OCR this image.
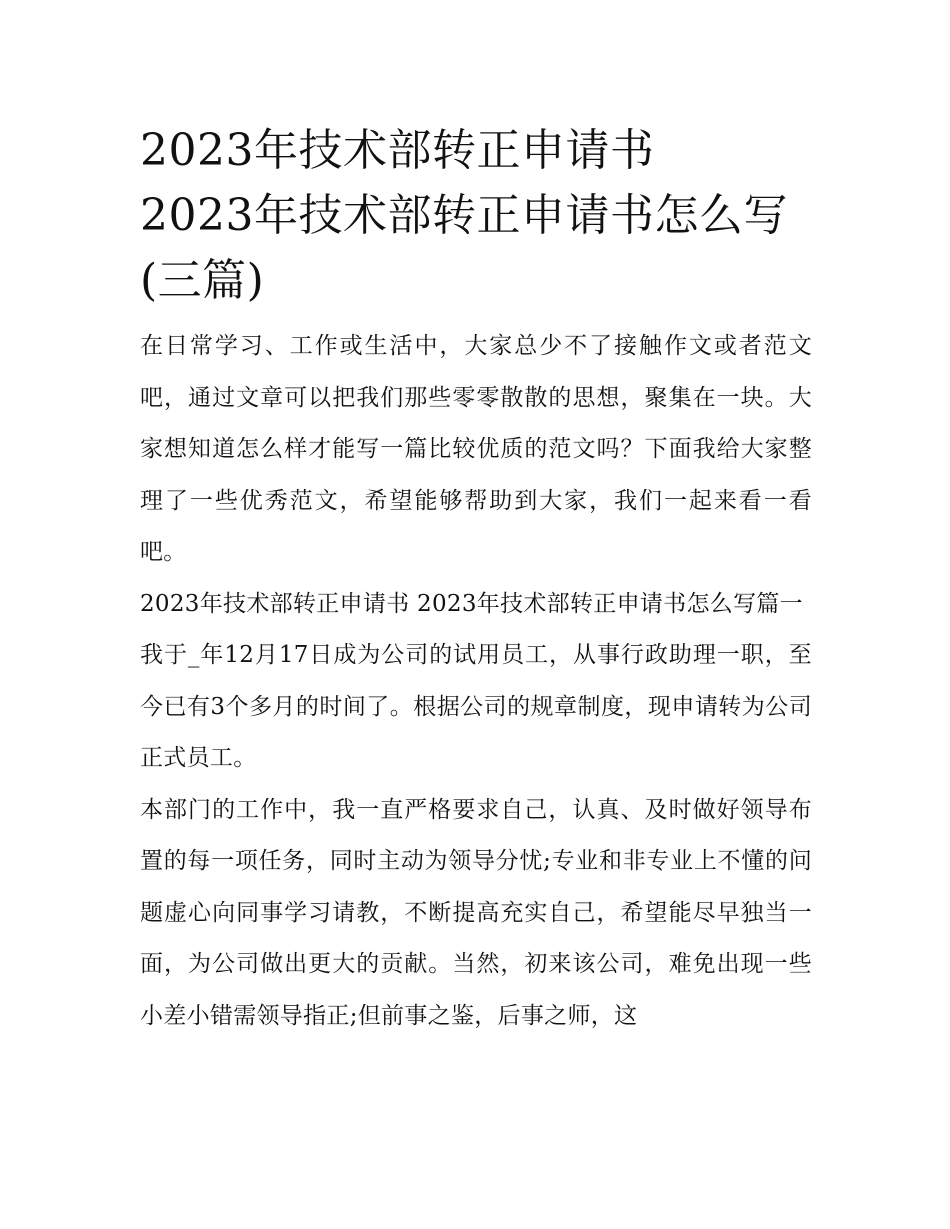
2023年技术部转正申请书
2023年技术部转正申请书怎么写(三篇)

在日常学习、工作或生活中，大家总少不了接触作文或者范文吧，通过文章可以把我们那些零零散散的思想，聚集在一块。大家想知道怎么样才能写一篇比较优质的范文吗？下面我给大家整理了一些优秀范文，希望能够帮助到大家，我们一起来看一看吧。

2023年技术部转正申请书 2023年技术部转正申请书怎么写篇一

我于_年12月17日成为公司的试用员工，从事行政助理一职，至今已有3个多月的时间了。根据公司的规章制度，现申请转为公司正式员工。

本部门的工作中，我一直严格要求自己，认真、及时做好领导布置的每一项任务，同时主动为领导分忧;专业和非专业上不懂的问题虚心向同事学习请教，不断提高充实自己，希望能尽早独当一面，为公司做出更大的贡献。当然，初来该公司，难免出现一些小差小错需领导指正;但前事之鉴，后事之师，这
